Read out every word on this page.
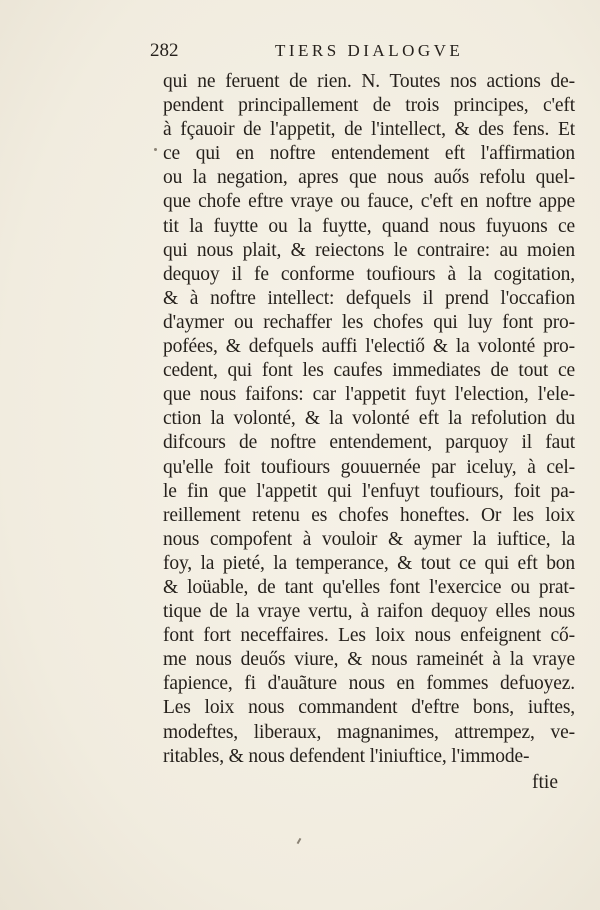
282	TIERS DIALOGVE
qui ne feruent de rien. N. Toutes nos actions de-
pendent principallement de trois principes, c'eft
à fçauoir de l'appetit, de l'intellect, & des fens. Et
ce qui en noftre entendement eft l'affirmation
ou la negation, apres que nous auős refolu quel-
que chofe eftre vraye ou fauce, c'eft en noftre appe
tit la fuytte ou la fuytte, quand nous fuyuons ce
qui nous plait, & reiectons le contraire: au moien
dequoy il fe conforme toufiours à la cogitation,
& à noftre intellect: defquels il prend l'occafion
d'aymer ou rechaffer les chofes qui luy font pro-
pofées, & defquels auffi l'electiő & la volonté pro-
cedent, qui font les caufes immediates de tout ce
que nous faifons: car l'appetit fuyt l'election, l'ele-
ction la volonté, & la volonté eft la refolution du
difcours de noftre entendement, parquoy il faut
qu'elle foit toufiours gouuernée par iceluy, à cel-
le fin que l'appetit qui l'enfuyt toufiours, foit pa-
reillement retenu es chofes honeftes. Or les loix
nous compofent à vouloir & aymer la iuftice, la
foy, la pieté, la temperance, & tout ce qui eft bon
& loüable, de tant qu'elles font l'exercice ou prat-
tique de la vraye vertu, à raifon dequoy elles nous
font fort neceffaires. Les loix nous enfeignent cő-
me nous deuős viure, & nous rameinét à la vraye
fapience, fi d'auãture nous en fommes defuoyez.
Les loix nous commandent d'eftre bons, iuftes,
modeftes, liberaux, magnanimes, attrempez, ve-
ritables, & nous defendent l'iniuftice, l'immode-
ftie
